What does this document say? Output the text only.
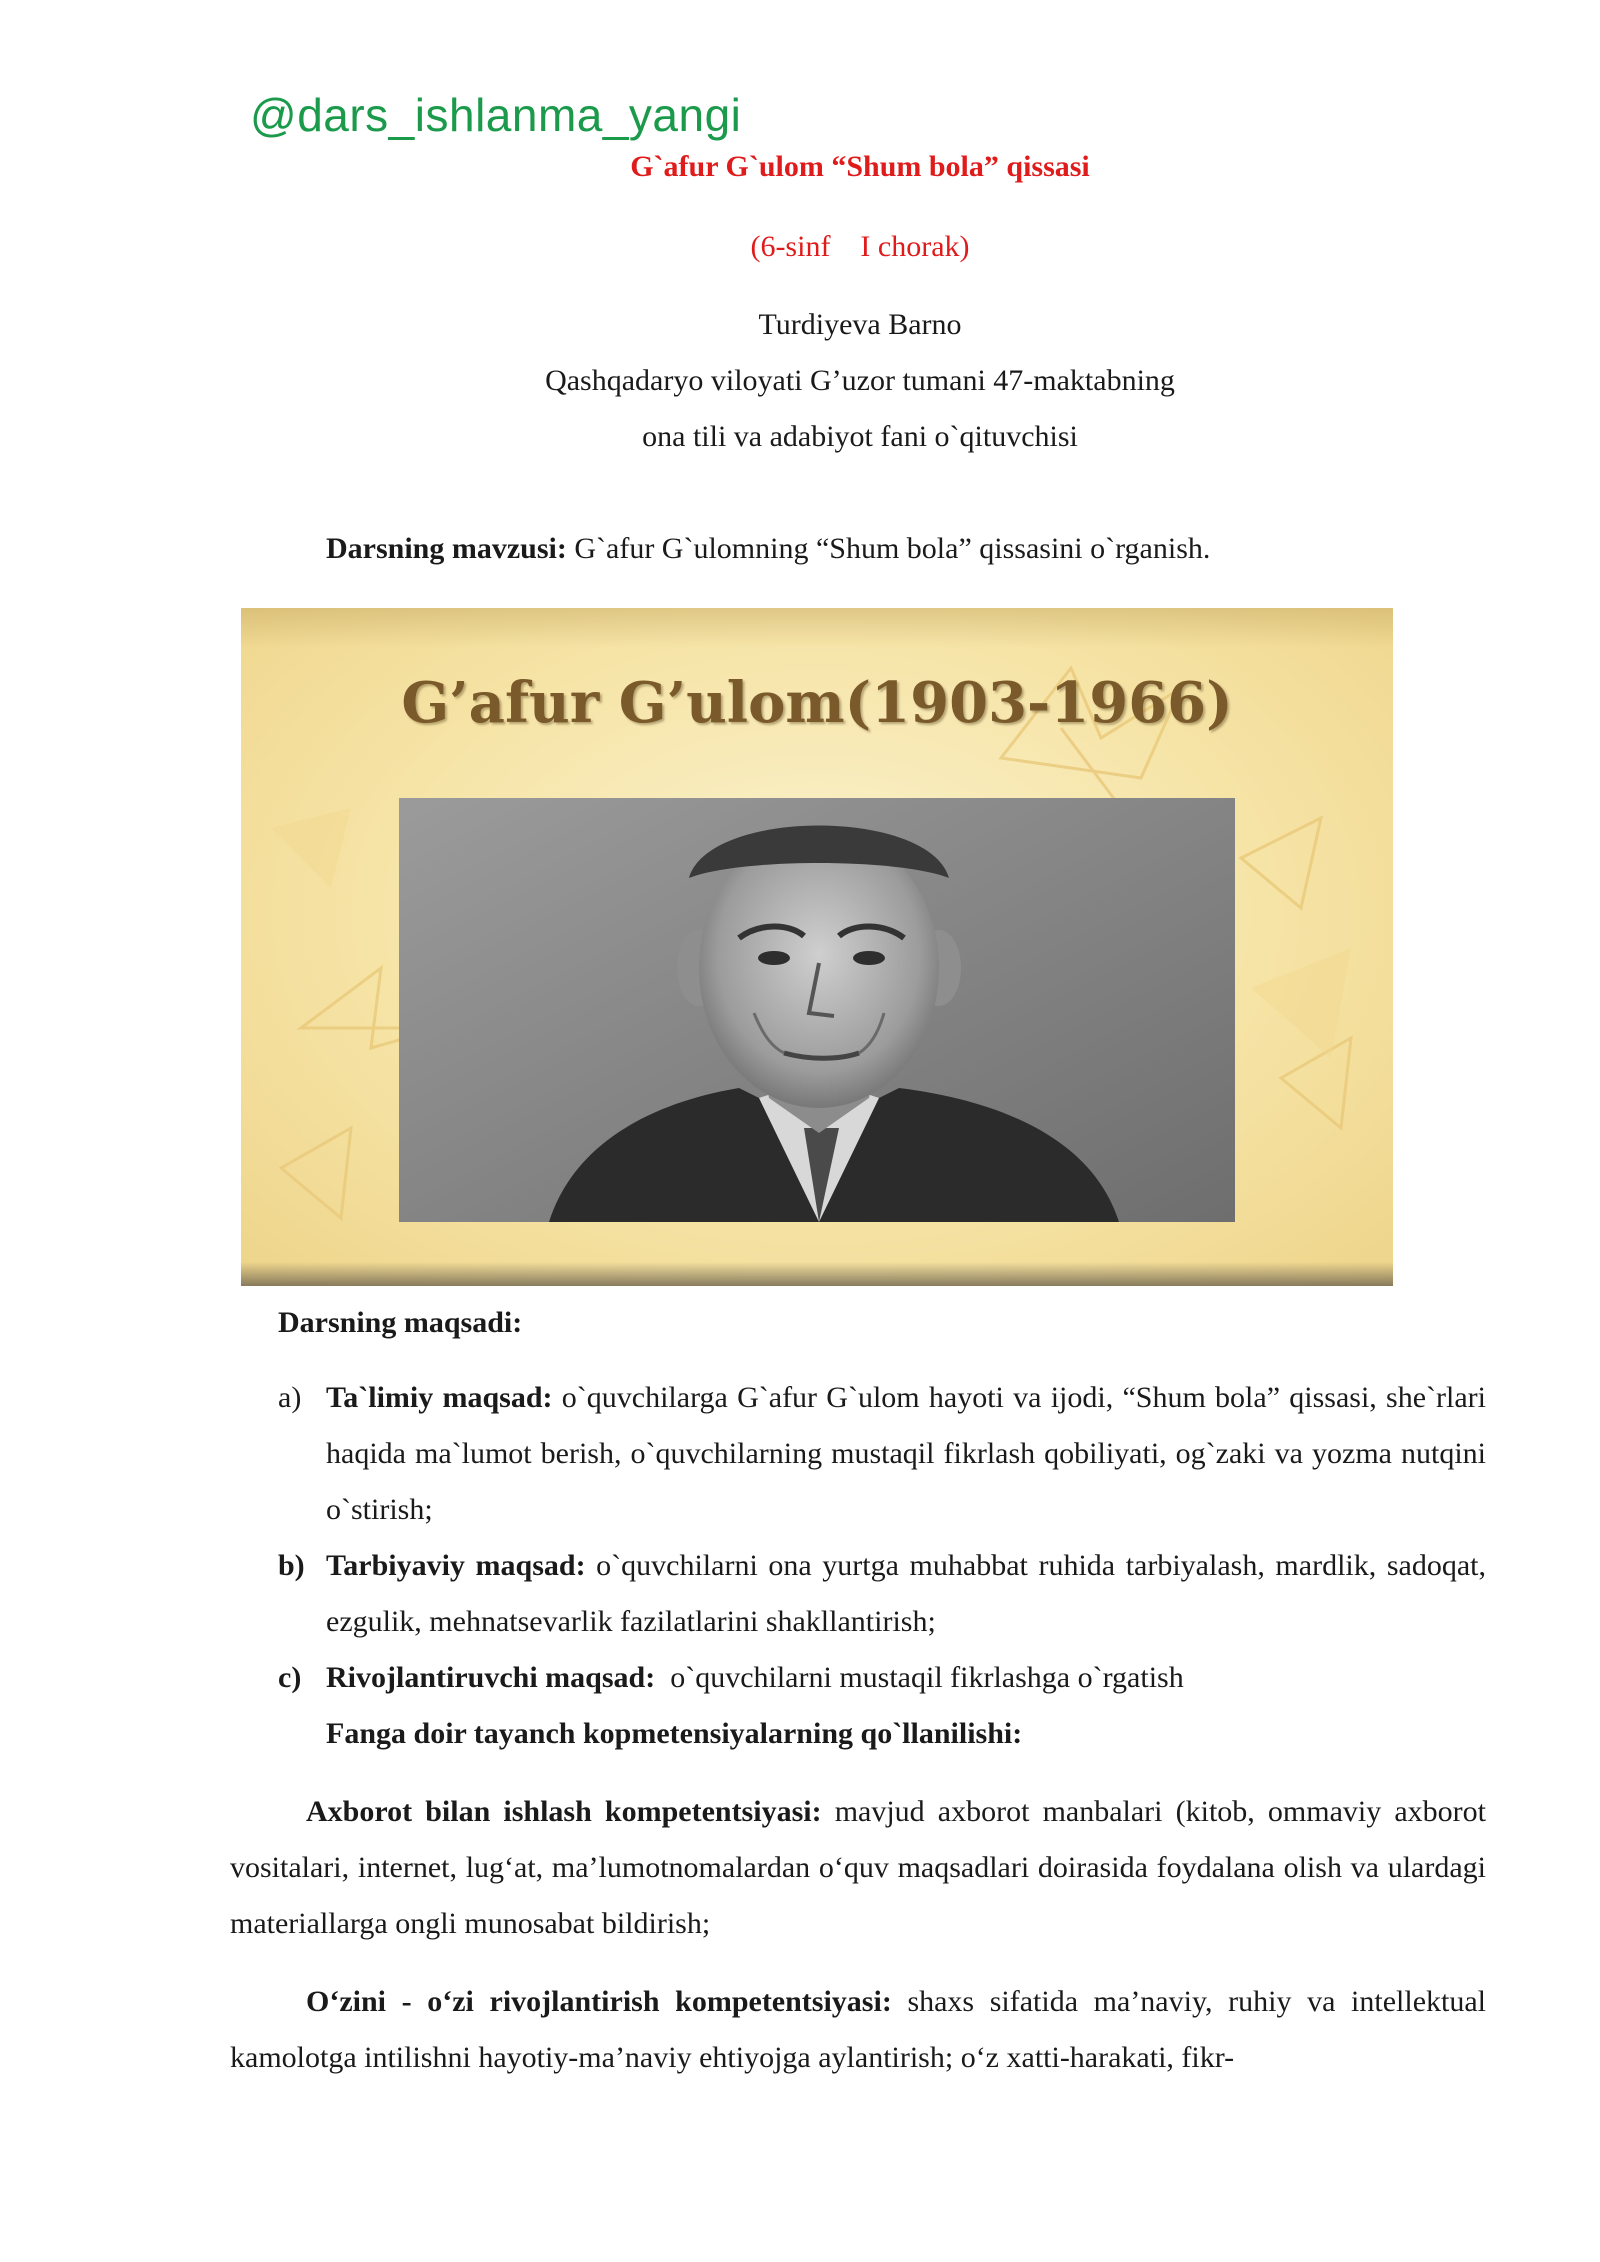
@dars_ishlanma_yangi
G`afur G`ulom “Shum bola” qissasi
(6-sinf    I chorak)
Turdiyeva Barno
Qashqadaryo viloyati G’uzor tumani 47-maktabning
ona tili va adabiyot fani o`qituvchisi
Darsning mavzusi: G`afur G`ulomning “Shum bola” qissasini o`rganish.
G’afur G’ulom(1903-1966)
Darsning maqsadi:
a) Ta`limiy maqsad: o`quvchilarga G`afur G`ulom hayoti va ijodi, “Shum bola” qissasi, she`rlari haqida ma`lumot berish, o`quvchilarning mustaqil fikrlash qobiliyati, og`zaki va yozma nutqini o`stirish;
b) Tarbiyaviy maqsad: o`quvchilarni ona yurtga muhabbat ruhida tarbiyalash, mardlik, sadoqat, ezgulik, mehnatsevarlik fazilatlarini shakllantirish;
c) Rivojlantiruvchi maqsad:  o`quvchilarni mustaqil fikrlashga o`rgatish
Fanga doir tayanch kopmetensiyalarning qo`llanilishi:
Axborot bilan ishlash kompetentsiyasi: mavjud axborot manbalari (kitob, ommaviy axborot vositalari, internet, lug‘at, ma’lumotnomalardan o‘quv maqsadlari doirasida foydalana olish va ulardagi materiallarga ongli munosabat bildirish;
O‘zini - o‘zi rivojlantirish kompetentsiyasi: shaxs sifatida ma’naviy, ruhiy va intellektual kamolotga intilishni hayotiy-ma’naviy ehtiyojga aylantirish; o‘z xatti-harakati, fikr-
